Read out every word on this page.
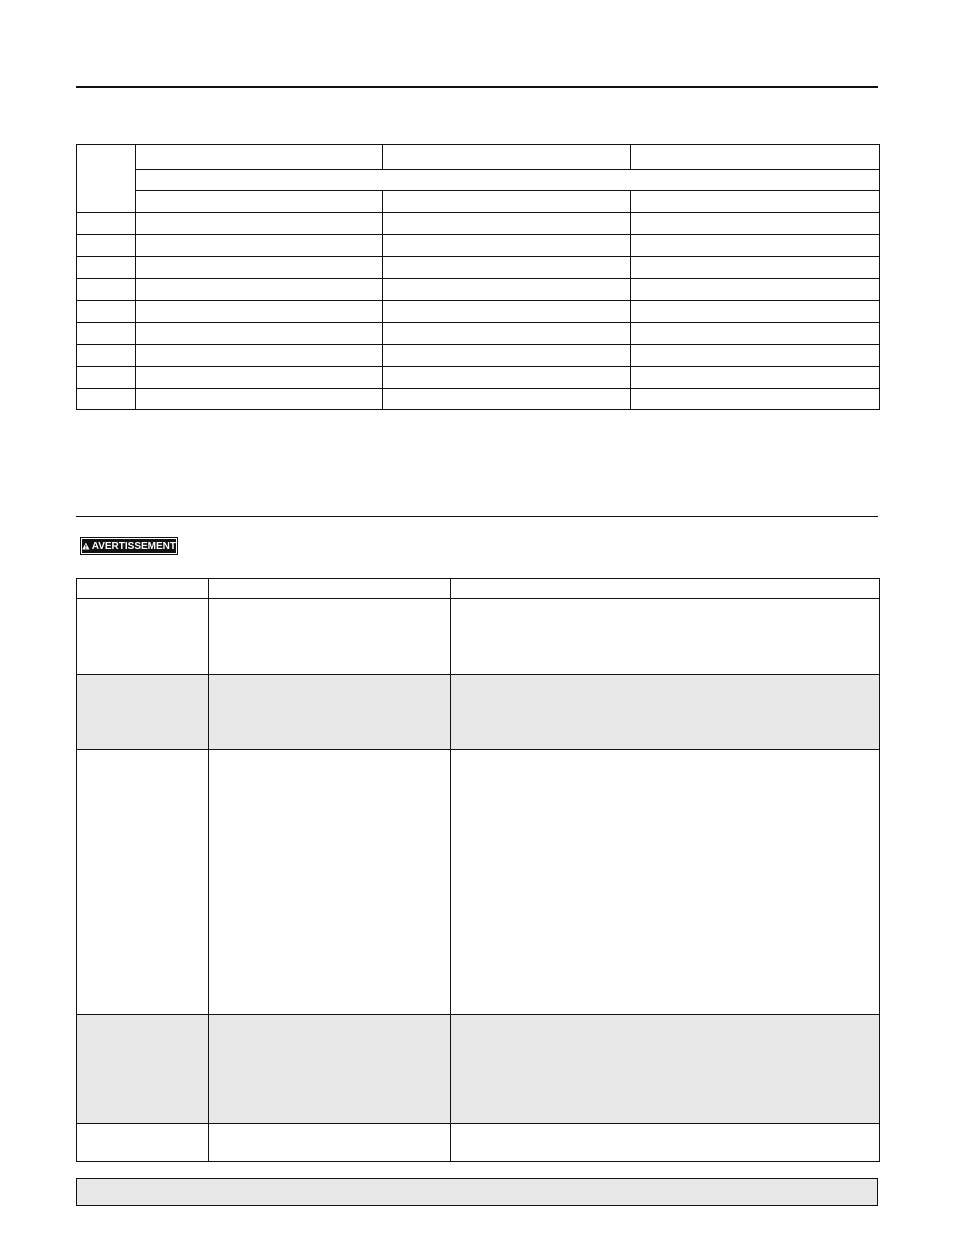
AVERTISSEMENT
